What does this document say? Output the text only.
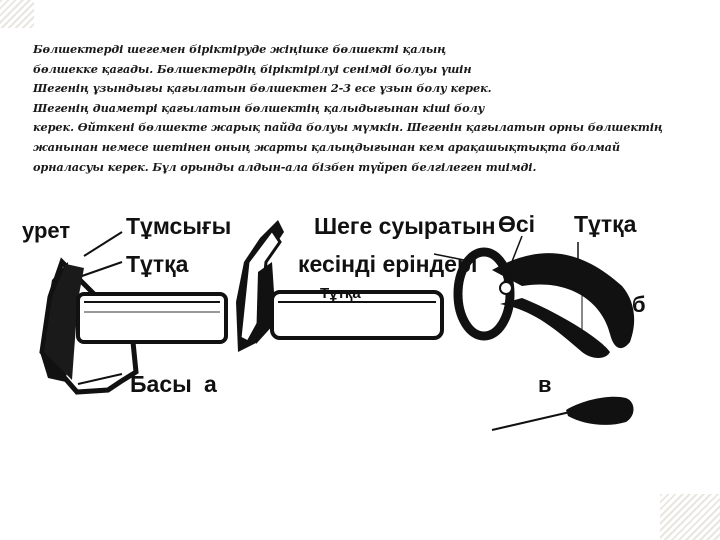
Бөлшектерді шегемен біріктіруде жіңішке бөлшекті қалың
бөлшекке қағады. Бөлшектердің біріктірілуі сенімді болуы үшін
Шегенің ұзындығы қағылатын бөлшектен 2-3 есе ұзын болу керек.
Шегенің диаметрі қағылатын бөлшектің қалыдығынан кіші болу
керек. Өйткені бөлшекте жарық пайда болуы мүмкін. Шегенін қағылатын орны бөлшектің
жанынан немесе шетінен оның жарты қалыңдығынан кем арақашықтықта болмай
орналасуы керек. Бұл орынды алдын-ала бізбен түйреп белгілеген тиімді.
урет Тұмсығы
Тұтқа
Басы а
Шеге суыратын
кесінді еріндері
Тұтқа
Өсі Тұтқа
б
в
